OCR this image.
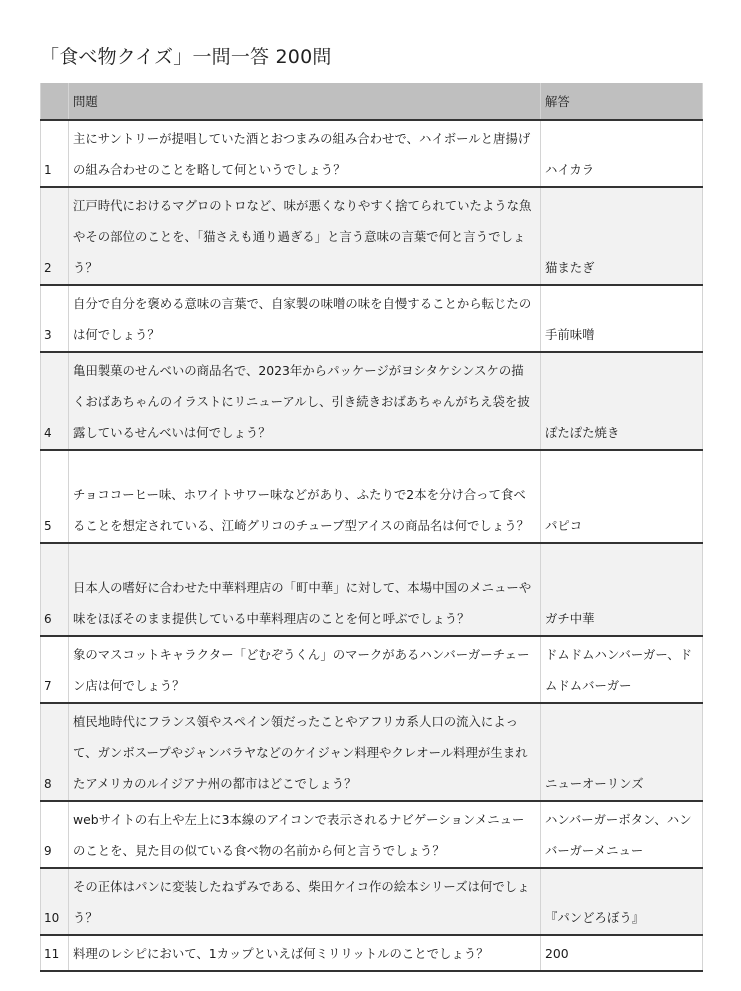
「食べ物クイズ」一問一答 200問
	問題	解答
1	主にサントリーが提唱していた酒とおつまみの組み合わせで、ハイボールと唐揚げの組み合わせのことを略して何というでしょう？	ハイカラ
2	江戸時代におけるマグロのトロなど、味が悪くなりやすく捨てられていたような魚やその部位のことを、「猫さえも通り過ぎる」と言う意味の言葉で何と言うでしょう？	猫またぎ
3	自分で自分を褒める意味の言葉で、自家製の味噌の味を自慢することから転じたのは何でしょう？	手前味噌
4	亀田製菓のせんべいの商品名で、2023年からパッケージがヨシタケシンスケの描くおばあちゃんのイラストにリニューアルし、引き続きおばあちゃんがちえ袋を披露しているせんべいは何でしょう？	ぽたぽた焼き
5	チョココーヒー味、ホワイトサワー味などがあり、ふたりで2本を分け合って食べることを想定されている、江崎グリコのチューブ型アイスの商品名は何でしょう？	パピコ
6	日本人の嗜好に合わせた中華料理店の「町中華」に対して、本場中国のメニューや味をほぼそのまま提供している中華料理店のことを何と呼ぶでしょう？	ガチ中華
7	象のマスコットキャラクター「どむぞうくん」のマークがあるハンバーガーチェーン店は何でしょう？	ドムドムハンバーガー、ドムドムバーガー
8	植民地時代にフランス領やスペイン領だったことやアフリカ系人口の流入によって、ガンボスープやジャンバラヤなどのケイジャン料理やクレオール料理が生まれたアメリカのルイジアナ州の都市はどこでしょう？	ニューオーリンズ
9	webサイトの右上や左上に3本線のアイコンで表示されるナビゲーションメニューのことを、見た目の似ている食べ物の名前から何と言うでしょう？	ハンバーガーボタン、ハンバーガーメニュー
10	その正体はパンに変装したねずみである、柴田ケイコ作の絵本シリーズは何でしょう？	『パンどろぼう』
11	料理のレシピにおいて、1カップといえば何ミリリットルのことでしょう？	200
